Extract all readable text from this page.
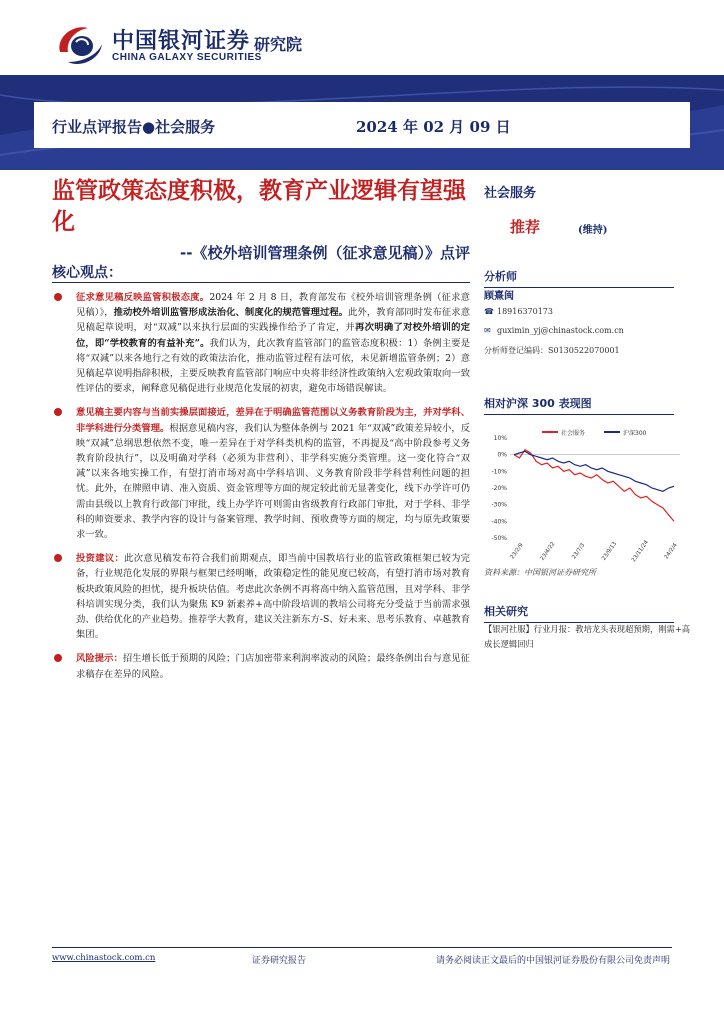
中国银河证券
CHINA GALAXY SECURITIES
研究院
行业点评报告●社会服务	2024 年 02 月 09 日
监管政策态度积极，教育产业逻辑有望强化
--《校外培训管理条例（征求意见稿）》点评
核心观点：
征求意见稿反映监管积极态度。2024 年 2 月 8 日，教育部发布《校外培训管理条例（征求意见稿）》，推动校外培训监管形成法治化、制度化的规范管理过程。此外，教育部同时发布征求意见稿起草说明，对“双减”以来执行层面的实践操作给予了肯定，并再次明确了对校外培训的定位，即“学校教育的有益补充”。我们认为，此次教育监管部门的监管态度积极：1）条例主要是将“双减”以来各地行之有效的政策法治化，推动监管过程有法可依，未见新增监管条例；2）意见稿起草说明指辞积极，主要反映教育监管部门响应中央将非经济性政策纳入宏观政策取向一致性评估的要求，阐释意见稿促进行业规范化发展的初衷，避免市场错误解读。
意见稿主要内容与当前实操层面接近，差异在于明确监管范围以义务教育阶段为主，并对学科、非学科进行分类管理。根据意见稿内容，我们认为整体条例与 2021 年“双减”政策差异较小，反映“双减”总纲思想依然不变，唯一差异在于对学科类机构的监管，不再提及“高中阶段参考义务教育阶段执行”，以及明确对学科（必须为非营利）、非学科实施分类管理。这一变化符合“双减”以来各地实操工作，有望打消市场对高中学科培训、义务教育阶段非学科营利性问题的担忧。此外，在牌照申请、准入资质、资金管理等方面的规定较此前无显著变化，线下办学许可仍需由县级以上教育行政部门审批，线上办学许可则需由省级教育行政部门审批，对于学科、非学科的师资要求、教学内容的设计与备案管理、教学时间、预收费等方面的规定，均与原先政策要求一致。
投资建议：此次意见稿发布符合我们前期观点，即当前中国教培行业的监管政策框架已较为完备，行业规范化发展的界限与框架已经明晰，政策稳定性的能见度已较高，有望打消市场对教育板块政策风险的担忧，提升板块估值。考虑此次条例不再将高中纳入监管范围，且对学科、非学科培训实现分类，我们认为聚焦 K9 新素养+高中阶段培训的教培公司将充分受益于当前需求强劲、供给优化的产业趋势。推荐学大教育，建议关注新东方-S、好未来、思考乐教育、卓越教育集团。
风险提示：招生增长低于预期的风险；门店加密带来利润率波动的风险；最终条例出台与意见征求稿存在差异的风险。
社会服务
推荐	(维持)
分析师
顾熹闽
☎ 18916370173
✉ guximin_yj@chinastock.com.cn
分析师登记编码：S0130522070001
相对沪深 300 表现图
10%
0%
-10%
-20%
-30%
-40%
-50%
23/2/9	23/4/22	23/7/3	23/9/13 23/11/24 24/2/4
社会服务	沪深300
资料来源：中国银河证券研究所
相关研究
【银河社服】行业月报：教培龙头表现超预期，刚需+高成长逻辑回归
www.chinastock.com.cn	证券研究报告	请务必阅读正文最后的中国银河证券股份有限公司免责声明
